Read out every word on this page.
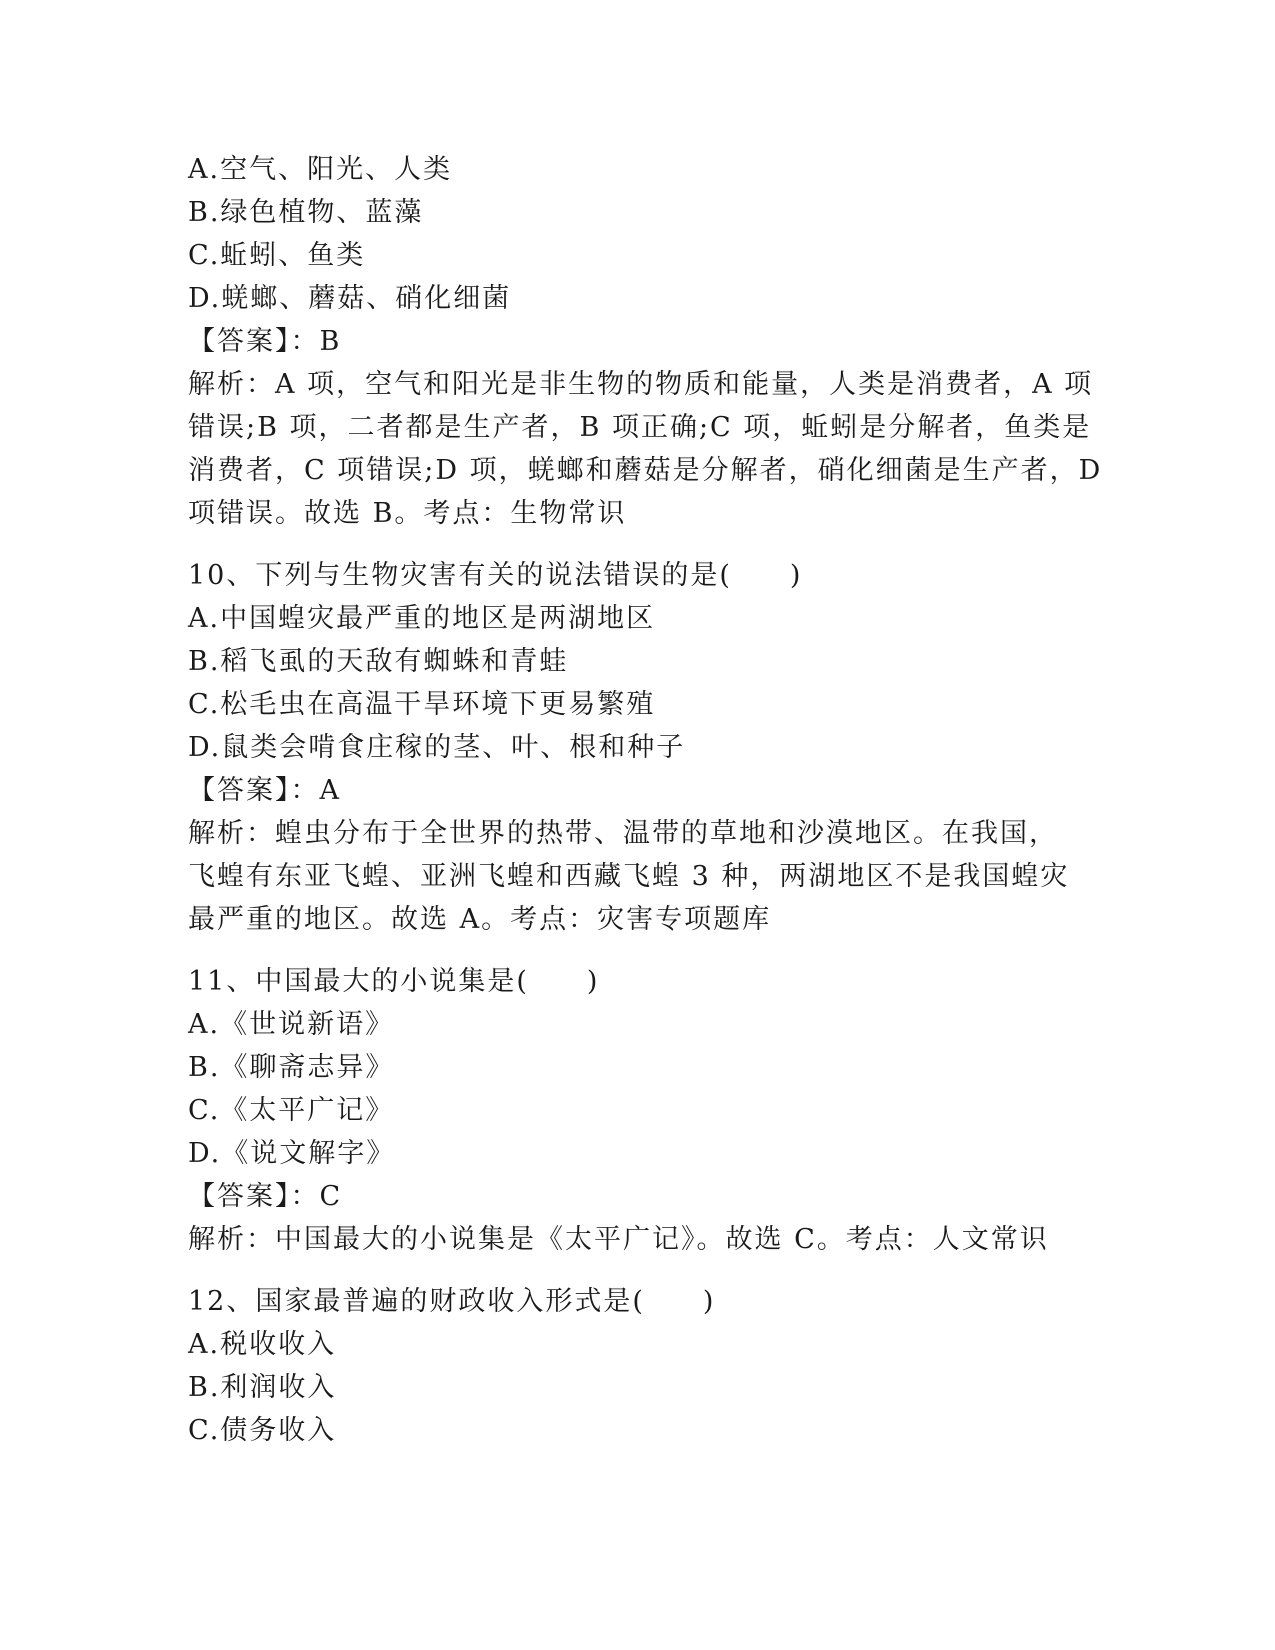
A.空气、阳光、人类
B.绿色植物、蓝藻
C.蚯蚓、鱼类
D.蜣螂、蘑菇、硝化细菌
【答案】：B
解析：A 项，空气和阳光是非生物的物质和能量，人类是消费者，A 项
错误;B 项，二者都是生产者，B 项正确;C 项，蚯蚓是分解者，鱼类是
消费者，C 项错误;D 项，蜣螂和蘑菇是分解者，硝化细菌是生产者，D
项错误。故选 B。考点：生物常识
10、下列与生物灾害有关的说法错误的是(　　)
A.中国蝗灾最严重的地区是两湖地区
B.稻飞虱的天敌有蜘蛛和青蛙
C.松毛虫在高温干旱环境下更易繁殖
D.鼠类会啃食庄稼的茎、叶、根和种子
【答案】：A
解析：蝗虫分布于全世界的热带、温带的草地和沙漠地区。在我国，
飞蝗有东亚飞蝗、亚洲飞蝗和西藏飞蝗 3 种，两湖地区不是我国蝗灾
最严重的地区。故选 A。考点：灾害专项题库
11、中国最大的小说集是(　　)
A.《世说新语》
B.《聊斋志异》
C.《太平广记》
D.《说文解字》
【答案】：C
解析：中国最大的小说集是《太平广记》。故选 C。考点：人文常识
12、国家最普遍的财政收入形式是(　　)
A.税收收入
B.利润收入
C.债务收入
